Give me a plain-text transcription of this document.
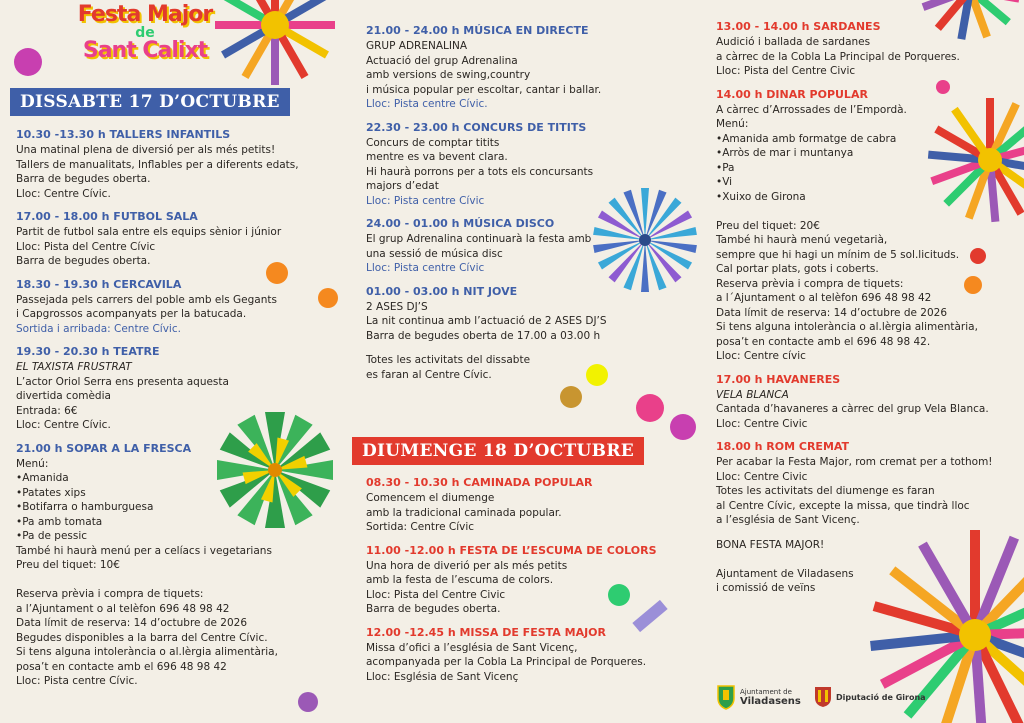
Festa Major
de
Sant Calixt
DISSABTE 17 D’OCTUBRE
10.30 -13.30 h TALLERS INFANTILS
Una matinal plena de diversió per als més petits!
Tallers de manualitats, Inflables per a diferents edats,
Barra de begudes oberta.
Lloc: Centre Cívic.
17.00 - 18.00 h FUTBOL SALA
Partit de futbol sala entre els equips sènior i júnior
Lloc: Pista del Centre Cívic
Barra de begudes oberta.
18.30 - 19.30 h CERCAVILA
Passejada pels carrers del poble amb els Gegants
i Capgrossos acompanyats per la batucada.
Sortida i arribada: Centre Cívic.
19.30 - 20.30 h TEATRE
EL TAXISTA FRUSTRAT
L’actor Oriol Serra ens presenta aquesta
divertida comèdia
Entrada: 6€
Lloc: Centre Cívic.
21.00 h SOPAR A LA FRESCA
Menú:
•Amanida
•Patates xips
•Botifarra o hamburguesa
•Pa amb tomata
•Pa de pessic
També hi haurà menú per a celíacs i vegetarians
Preu del tiquet: 10€
Reserva prèvia i compra de tiquets:
a l’Ajuntament o al telèfon 696 48 98 42
Data límit de reserva: 14 d’octubre de 2026
Begudes disponibles a la barra del Centre Cívic.
Si tens alguna intolerància o al.lèrgia alimentària,
posa’t en contacte amb el 696 48 98 42
Lloc: Pista centre Cívic.
21.00 - 24.00 h MÚSICA EN DIRECTE
GRUP ADRENALINA
Actuació del grup Adrenalina
amb versions de swing,country
i música popular per escoltar, cantar i ballar.
Lloc: Pista centre Cívic.
22.30 - 23.00 h CONCURS DE TITITS
Concurs de comptar titits
mentre es va bevent clara.
Hi haurà porrons per a tots els concursants
majors d’edat
Lloc: Pista centre Cívic
24.00 - 01.00 h MÚSICA DISCO
El grup Adrenalina continuarà la festa amb
una sessió de música disc
Lloc: Pista centre Cívic
01.00 - 03.00 h NIT JOVE
2 ASES DJ’S
La nit continua amb l’actuació de 2 ASES DJ’S
Barra de begudes oberta de 17.00 a 03.00 h
Totes les activitats del dissabte
es faran al Centre Cívic.
DIUMENGE 18 D’OCTUBRE
08.30 - 10.30 h CAMINADA POPULAR
Comencem el diumenge
amb la tradicional caminada popular.
Sortida: Centre Cívic
11.00 -12.00 h FESTA DE L’ESCUMA DE COLORS
Una hora de diverió per als més petits
amb la festa de l’escuma de colors.
Lloc: Pista del Centre Civic
Barra de begudes oberta.
12.00 -12.45 h MISSA DE FESTA MAJOR
Missa d’ofici a l’església de Sant Vicenç,
acompanyada per la Cobla La Principal de Porqueres.
Lloc: Església de Sant Vicenç
13.00 - 14.00 h SARDANES
Audició i ballada de sardanes
a càrrec de la Cobla La Principal de Porqueres.
Lloc: Pista del Centre Civic
14.00 h DINAR POPULAR
A càrrec d’Arrossades de l’Empordà.
Menú:
•Amanida amb formatge de cabra
•Arròs de mar i muntanya
•Pa
•Vi
•Xuixo de Girona
Preu del tiquet: 20€
També hi haurà menú vegetarià,
sempre que hi hagi un mínim de 5 sol.licituds.
Cal portar plats, gots i coberts.
Reserva prèvia i compra de tiquets:
a l´Ajuntament o al telèfon 696 48 98 42
Data límit de reserva: 14 d’octubre de 2026
Si tens alguna intolerància o al.lèrgia alimentària,
posa’t en contacte amb el 696 48 98 42.
Lloc: Centre cívic
17.00 h HAVANERES
VELA BLANCA
Cantada d’havaneres a càrrec del grup Vela Blanca.
Lloc: Centre Civic
18.00 h ROM CREMAT
Per acabar la Festa Major, rom cremat per a tothom!
Lloc: Centre Civic
Totes les activitats del diumenge es faran
al Centre Cívic, excepte la missa, que tindrà lloc
a l’església de Sant Vicenç.
BONA FESTA MAJOR!
Ajuntament de Viladasens
i comissió de veïns
Ajuntament de
Viladasens	Diputació de Girona
